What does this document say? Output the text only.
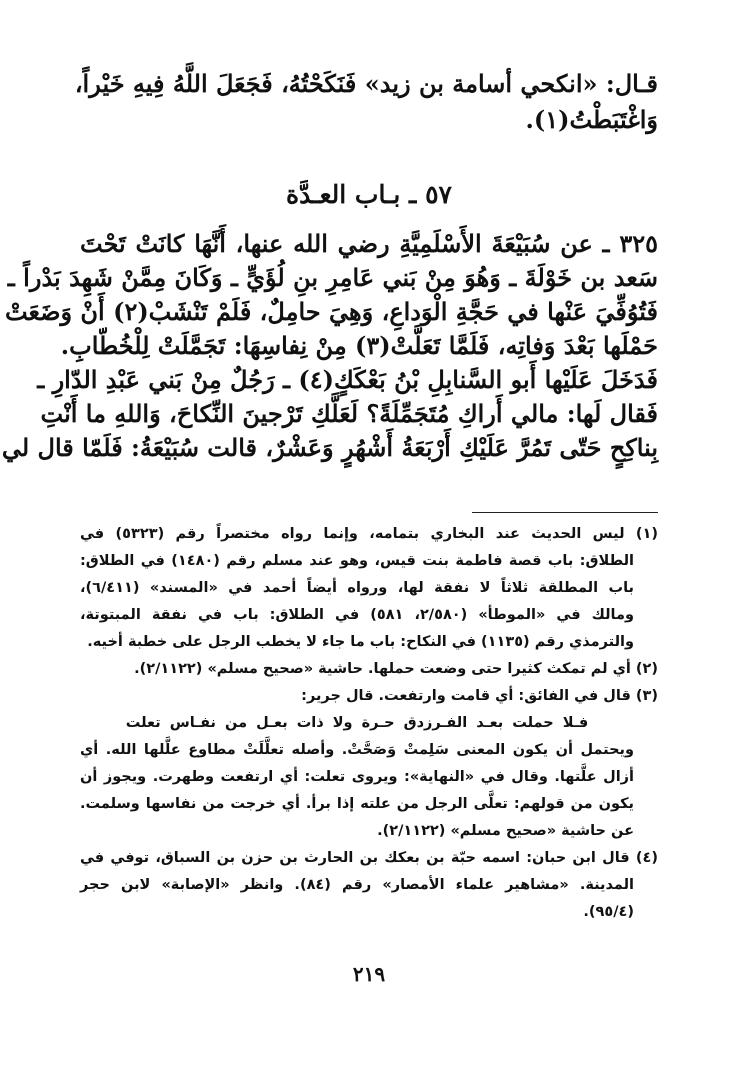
قـال: «انكحي أسامة بن زيد» فَنَكَحْتُهُ، فَجَعَلَ اللَّهُ فِيهِ خَيْراً،
وَاغْتَبَطْتُ(١).
٥٧ ـ بـاب العـدَّة
٣٢٥ ـ عن سُبَيْعَةَ الأَسْلَمِيَّةِ رضي الله عنها، أَنَّهَا كانَتْ تَحْتَ
سَعد بن خَوْلَةَ ـ وَهُوَ مِنْ بَني عَامِرِ بنِ لُؤَيٍّ ـ وَكَانَ مِمَّنْ شَهِدَ بَدْراً ـ
فَتُوُفِّيَ عَنْها في حَجَّةِ الْوَداعِ، وَهِيَ حامِلٌ، فَلَمْ تَنْشَبْ(٢) أَنْ وَضَعَتْ
حَمْلَها بَعْدَ وَفاتِه، فَلَمَّا تَعَلَّتْ(٣) مِنْ نِفاسِهَا: تَجَمَّلَتْ لِلْخُطّابِ.
فَدَخَلَ عَلَيْها أَبو السَّنابِلِ بْنُ بَعْكَكٍ(٤) ـ رَجُلٌ مِنْ بَني عَبْدِ الدّارِ ـ
فَقال لَها: مالي أَراكِ مُتَجَمِّلَةً؟ لَعَلَّكِ تَرْجينَ النِّكاحَ، وَاللهِ ما أَنْتِ
بِناكِحٍ حَتّى تَمُرَّ عَلَيْكِ أَرْبَعَةُ أَشْهُرٍ وَعَشْرٌ، قالت سُبَيْعَةُ: فَلَمّا قال لي
(١) ليس الحديث عند البخاري بتمامه، وإنما رواه مختصراً رقم (٥٣٢٣) في
الطلاق: باب قصة فاطمة بنت قيس، وهو عند مسلم رقم (١٤٨٠) في الطلاق:
باب المطلقة ثلاثاً لا نفقة لها، ورواه أيضاً أحمد في «المسند» (٦/٤١١)،
ومالك في «الموطأ» (٢/٥٨٠، ٥٨١) في الطلاق: باب في نفقة المبتوتة،
والترمذي رقم (١١٣٥) في النكاح: باب ما جاء لا يخطب الرجل على خطبة أخيه.
(٢) أي لم تمكث كثيرا حتى وضعت حملها. حاشية «صحيح مسلم» (٢/١١٢٢).
(٣) قال في الفائق: أي قامت وارتفعت. قال جرير:
فـلا حملت بعـد الفـرزدق حـرة ولا ذات بعـل من نفـاس تعلت
ويحتمل أن يكون المعنى سَلِمتْ وَصَحَّتْ. وأصله تعلَّلَتْ مطاوع علَّلها الله. أي
أزال علَّتها. وقال في «النهاية»: ويروى تعلت: أي ارتفعت وطهرت. ويجوز أن
يكون من قولهم: تعلَّى الرجل من علته إذا برأ. أي خرجت من نفاسها وسلمت.
عن حاشية «صحيح مسلم» (٢/١١٢٢).
(٤) قال ابن حبان: اسمه حبّة بن بعكك بن الحارث بن حزن بن السباق، توفي في
المدينة. «مشاهير علماء الأمصار» رقم (٨٤). وانظر «الإصابة» لابن حجر
(٩٥/٤).
٢١٩
